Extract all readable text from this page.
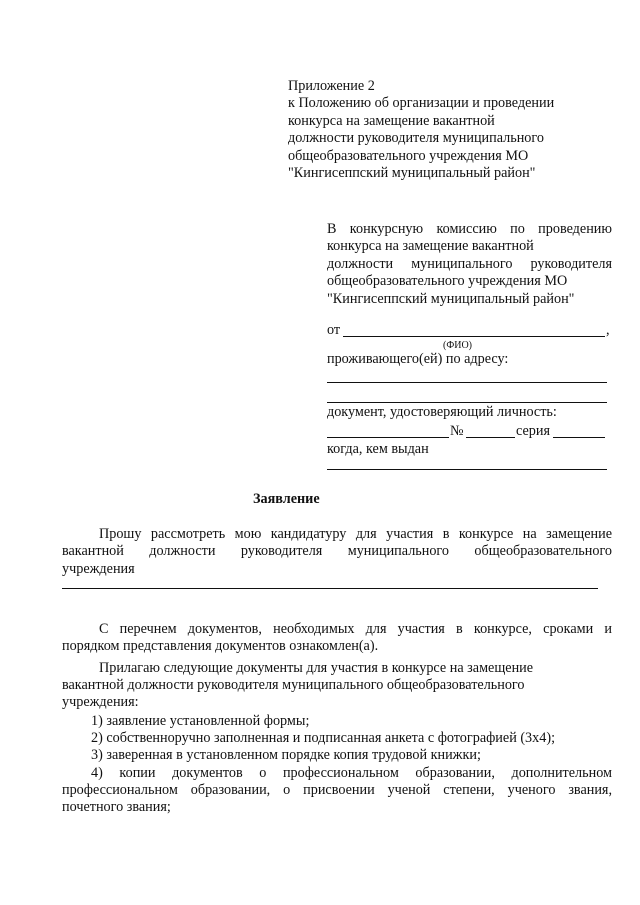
Приложение 2
к Положению об организации и проведении
конкурса на замещение вакантной
должности руководителя муниципального
общеобразовательного учреждения МО
"Кингисеппский муниципальный район"
В конкурсную комиссию по проведению
конкурса на замещение вакантной
должности муниципального руководителя
общеобразовательного учреждения МО
"Кингисеппский муниципальный район"
от	,
(ФИО)
проживающего(ей) по адресу:
документ, удостоверяющий личность:
№	серия
когда, кем выдан
Заявление
Прошу рассмотреть мою кандидатуру для участия в конкурсе на замещение
вакантной должности руководителя муниципального общеобразовательного
учреждения
С перечнем документов, необходимых для участия в конкурсе, сроками и
порядком представления документов ознакомлен(а).
Прилагаю следующие документы для участия в конкурсе на замещение
вакантной должности руководителя муниципального общеобразовательного
учреждения:
1) заявление установленной формы;
2) собственноручно заполненная и подписанная анкета с фотографией (3х4);
3) заверенная в установленном порядке копия трудовой книжки;
4) копии документов о профессиональном образовании, дополнительном
профессиональном образовании, о присвоении ученой степени, ученого звания,
почетного звания;
